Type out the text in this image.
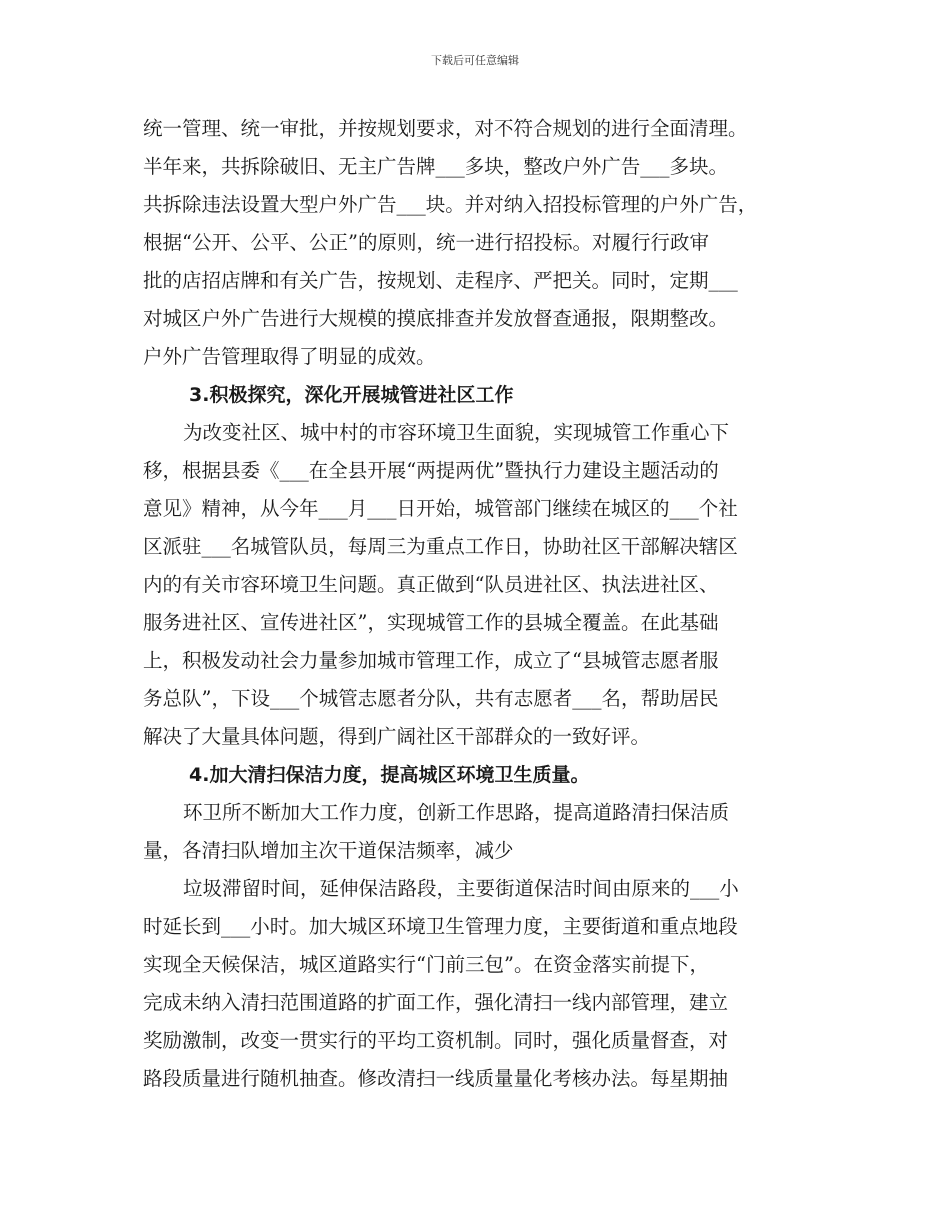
下载后可任意编辑
统一管理、统一审批，并按规划要求，对不符合规划的进行全面清理。
半年来，共拆除破旧、无主广告牌___多块，整改户外广告___多块。
共拆除违法设置大型户外广告___块。并对纳入招投标管理的户外广告，
根据“公开、公平、公正”的原则，统一进行招投标。对履行行政审
批的店招店牌和有关广告，按规划、走程序、严把关。同时，定期___
对城区户外广告进行大规模的摸底排查并发放督查通报，限期整改。
户外广告管理取得了明显的成效。
3.积极探究，深化开展城管进社区工作
为改变社区、城中村的市容环境卫生面貌，实现城管工作重心下
移，根据县委《___在全县开展“两提两优”暨执行力建设主题活动的
意见》精神，从今年___月___日开始，城管部门继续在城区的___个社
区派驻___名城管队员，每周三为重点工作日，协助社区干部解决辖区
内的有关市容环境卫生问题。真正做到“队员进社区、执法进社区、
服务进社区、宣传进社区”，实现城管工作的县城全覆盖。在此基础
上，积极发动社会力量参加城市管理工作，成立了“县城管志愿者服
务总队”，下设___个城管志愿者分队，共有志愿者___名，帮助居民
解决了大量具体问题，得到广阔社区干部群众的一致好评。
4.加大清扫保洁力度，提高城区环境卫生质量。
环卫所不断加大工作力度，创新工作思路，提高道路清扫保洁质
量，各清扫队增加主次干道保洁频率，减少
垃圾滞留时间，延伸保洁路段，主要街道保洁时间由原来的___小
时延长到___小时。加大城区环境卫生管理力度，主要街道和重点地段
实现全天候保洁，城区道路实行“门前三包”。在资金落实前提下，
完成未纳入清扫范围道路的扩面工作，强化清扫一线内部管理，建立
奖励激制，改变一贯实行的平均工资机制。同时，强化质量督查，对
路段质量进行随机抽查。修改清扫一线质量量化考核办法。每星期抽
